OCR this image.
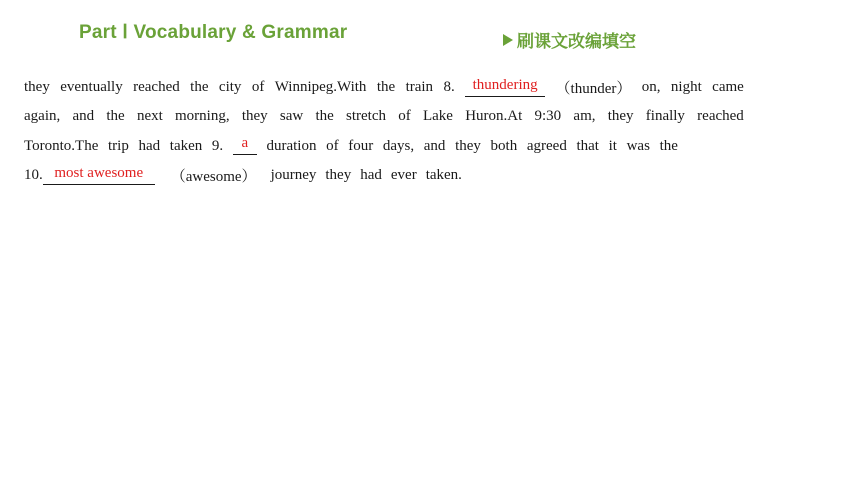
Part Ⅰ Vocabulary & Grammar	刷课文改编填空
they eventually reached the city of Winnipeg.With the train 8.	thundering	（thunder） on, night came
again, and the next morning, they saw the stretch of Lake Huron.At 9:30 am, they finally reached
Toronto.The trip had taken 9.	a	duration of four days, and they both agreed that it was the
10. most awesome	（awesome） journey they had ever taken.
